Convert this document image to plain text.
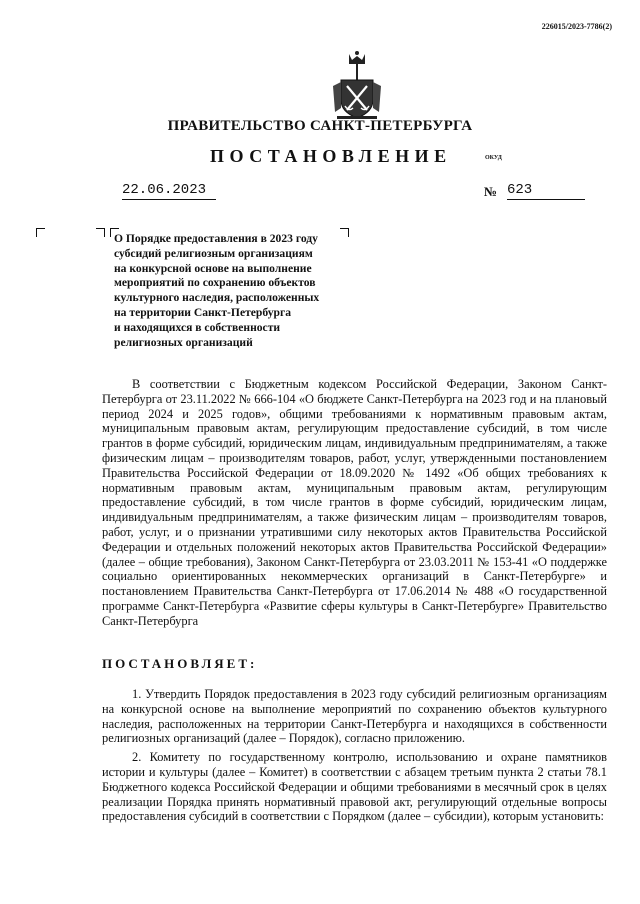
226015/2023-7786(2)
ПРАВИТЕЛЬСТВО САНКТ-ПЕТЕРБУРГА
ПОСТАНОВЛЕНИЕ	ОКУД
22.06.2023	№ 623
О Порядке предоставления в 2023 году
субсидий религиозным организациям
на конкурсной основе на выполнение
мероприятий по сохранению объектов
культурного наследия, расположенных
на территории Санкт-Петербурга
и находящихся в собственности
религиозных организаций

В соответствии с Бюджетным кодексом Российской Федерации, Законом Санкт-Петербурга от 23.11.2022 № 666-104 «О бюджете Санкт-Петербурга на 2023 год и на плановый период 2024 и 2025 годов», общими требованиями к нормативным правовым актам, муниципальным правовым актам, регулирующим предоставление субсидий, в том числе грантов в форме субсидий, юридическим лицам, индивидуальным предпринимателям, а также физическим лицам – производителям товаров, работ, услуг, утвержденными постановлением Правительства Российской Федерации от 18.09.2020 № 1492 «Об общих требованиях к нормативным правовым актам, муниципальным правовым актам, регулирующим предоставление субсидий, в том числе грантов в форме субсидий, юридическим лицам, индивидуальным предпринимателям, а также физическим лицам – производителям товаров, работ, услуг, и о признании утратившими силу некоторых актов Правительства Российской Федерации и отдельных положений некоторых актов Правительства Российской Федерации» (далее – общие требования), Законом Санкт-Петербурга от 23.03.2011 № 153-41 «О поддержке социально ориентированных некоммерческих организаций в Санкт-Петербурге» и постановлением Правительства Санкт-Петербурга от 17.06.2014 № 488 «О государственной программе Санкт-Петербурга «Развитие сферы культуры в Санкт-Петербурге» Правительство Санкт-Петербурга

ПОСТАНОВЛЯЕТ:

1. Утвердить Порядок предоставления в 2023 году субсидий религиозным организациям на конкурсной основе на выполнение мероприятий по сохранению объектов культурного наследия, расположенных на территории Санкт-Петербурга и находящихся в собственности религиозных организаций (далее – Порядок), согласно приложению.

2. Комитету по государственному контролю, использованию и охране памятников истории и культуры (далее – Комитет) в соответствии с абзацем третьим пункта 2 статьи 78.1 Бюджетного кодекса Российской Федерации и общими требованиями в месячный срок в целях реализации Порядка принять нормативный правовой акт, регулирующий отдельные вопросы предоставления субсидий в соответствии с Порядком (далее – субсидии), которым установить:
